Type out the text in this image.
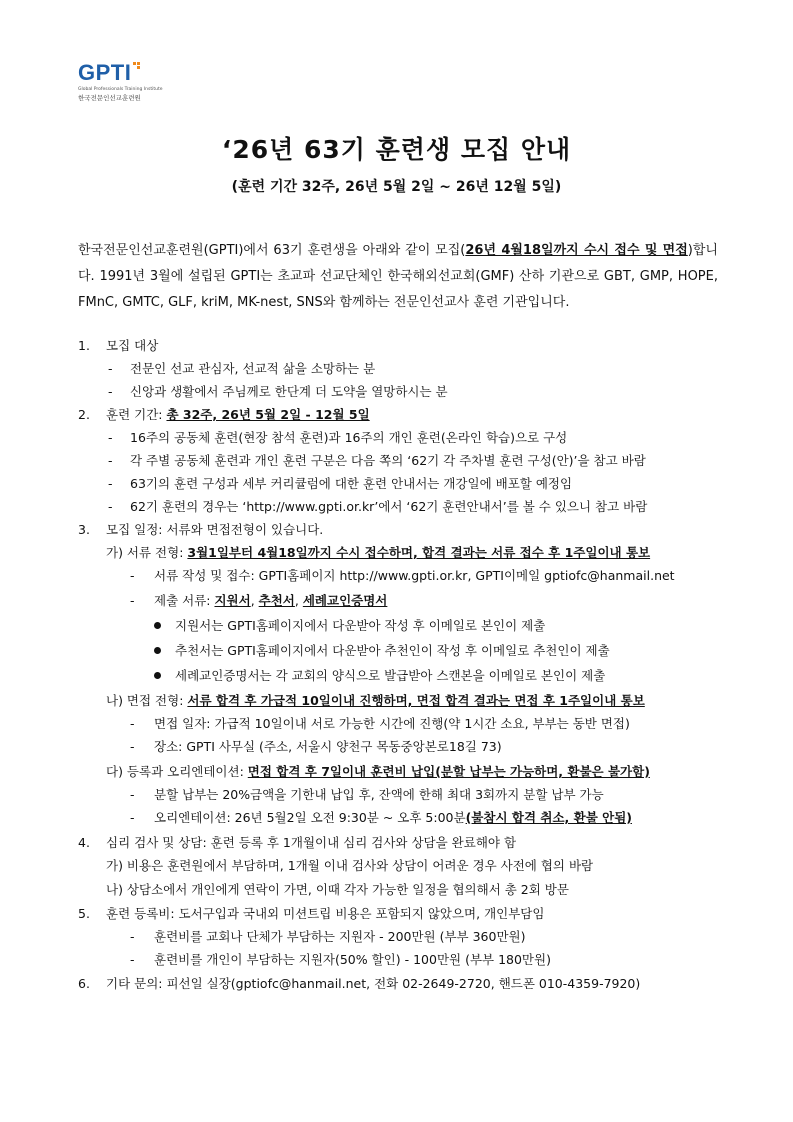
GPTI
Global Professionals Training Institute
한국전문인선교훈련원
‘26년 63기 훈련생 모집 안내
(훈련 기간 32주, 26년 5월 2일 ~ 26년 12월 5일)
한국전문인선교훈련원(GPTI)에서 63기 훈련생을 아래와 같이 모집(26년 4월18일까지 수시 접수 및 면접)합니다. 1991년 3월에 설립된 GPTI는 초교파 선교단체인 한국해외선교회(GMF) 산하 기관으로 GBT, GMP, HOPE, FMnC, GMTC, GLF, kriM, MK-nest, SNS와 함께하는 전문인선교사 훈련 기관입니다.
1. 모집 대상
- 전문인 선교 관심자, 선교적 삶을 소망하는 분
- 신앙과 생활에서 주님께로 한단계 더 도약을 열망하시는 분
2. 훈련 기간: 총 32주, 26년 5월 2일 - 12월 5일
- 16주의 공동체 훈련(현장 참석 훈련)과 16주의 개인 훈련(온라인 학습)으로 구성
- 각 주별 공동체 훈련과 개인 훈련 구분은 다음 쪽의 ‘62기 각 주차별 훈련 구성(안)’을 참고 바람
- 63기의 훈련 구성과 세부 커리큘럼에 대한 훈련 안내서는 개강일에 배포할 예정임
- 62기 훈련의 경우는 ‘http://www.gpti.or.kr’에서 ‘62기 훈련안내서’를 볼 수 있으니 참고 바람
3. 모집 일정: 서류와 면접전형이 있습니다.
가) 서류 전형: 3월1일부터 4월18일까지 수시 접수하며, 합격 결과는 서류 접수 후 1주일이내 통보
- 서류 작성 및 접수: GPTI홈페이지 http://www.gpti.or.kr, GPTI이메일 gptiofc@hanmail.net
- 제출 서류: 지원서, 추천서, 세례교인증명서
지원서는 GPTI홈페이지에서 다운받아 작성 후 이메일로 본인이 제출
추천서는 GPTI홈페이지에서 다운받아 추천인이 작성 후 이메일로 추천인이 제출
세례교인증명서는 각 교회의 양식으로 발급받아 스캔본을 이메일로 본인이 제출
나) 면접 전형: 서류 합격 후 가급적 10일이내 진행하며, 면접 합격 결과는 면접 후 1주일이내 통보
- 면접 일자: 가급적 10일이내 서로 가능한 시간에 진행(약 1시간 소요, 부부는 동반 면접)
- 장소: GPTI 사무실 (주소, 서울시 양천구 목동중앙본로18길 73)
다) 등록과 오리엔테이션: 면접 합격 후 7일이내 훈련비 납입(분할 납부는 가능하며, 환불은 불가함)
- 분할 납부는 20%금액을 기한내 납입 후, 잔액에 한해 최대 3회까지 분할 납부 가능
- 오리엔테이션: 26년 5월2일 오전 9:30분 ~ 오후 5:00분(불참시 합격 취소, 환불 안됨)
4. 심리 검사 및 상담: 훈련 등록 후 1개월이내 심리 검사와 상담을 완료해야 함
가) 비용은 훈련원에서 부담하며, 1개월 이내 검사와 상담이 어려운 경우 사전에 협의 바람
나) 상담소에서 개인에게 연락이 가면, 이때 각자 가능한 일정을 협의해서 총 2회 방문
5. 훈련 등록비: 도서구입과 국내외 미션트립 비용은 포함되지 않았으며, 개인부담임
- 훈련비를 교회나 단체가 부담하는 지원자 - 200만원 (부부 360만원)
- 훈련비를 개인이 부담하는 지원자(50% 할인) - 100만원 (부부 180만원)
6. 기타 문의: 피선일 실장(gptiofc@hanmail.net, 전화 02-2649-2720, 핸드폰 010-4359-7920)
